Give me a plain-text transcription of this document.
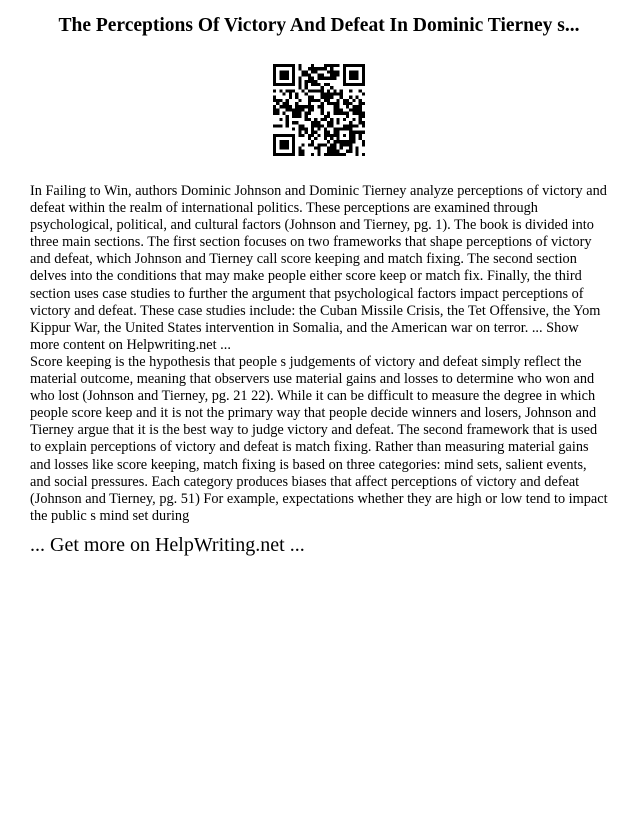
The Perceptions Of Victory And Defeat In Dominic Tierney s...

In Failing to Win, authors Dominic Johnson and Dominic Tierney analyze perceptions of victory and defeat within the realm of international politics. These perceptions are examined through psychological, political, and cultural factors (Johnson and Tierney, pg. 1). The book is divided into three main sections. The first section focuses on two frameworks that shape perceptions of victory and defeat, which Johnson and Tierney call score keeping and match fixing. The second section delves into the conditions that may make people either score keep or match fix. Finally, the third section uses case studies to further the argument that psychological factors impact perceptions of victory and defeat. These case studies include: the Cuban Missile Crisis, the Tet Offensive, the Yom Kippur War, the United States intervention in Somalia, and the American war on terror. ... Show more content on Helpwriting.net ...

Score keeping is the hypothesis that people s judgements of victory and defeat simply reflect the material outcome, meaning that observers use material gains and losses to determine who won and who lost (Johnson and Tierney, pg. 21 22). While it can be difficult to measure the degree in which people score keep and it is not the primary way that people decide winners and losers, Johnson and Tierney argue that it is the best way to judge victory and defeat. The second framework that is used to explain perceptions of victory and defeat is match fixing. Rather than measuring material gains and losses like score keeping, match fixing is based on three categories: mind sets, salient events, and social pressures. Each category produces biases that affect perceptions of victory and defeat (Johnson and Tierney, pg. 51) For example, expectations whether they are high or low tend to impact the public s mind set during

... Get more on HelpWriting.net ...
